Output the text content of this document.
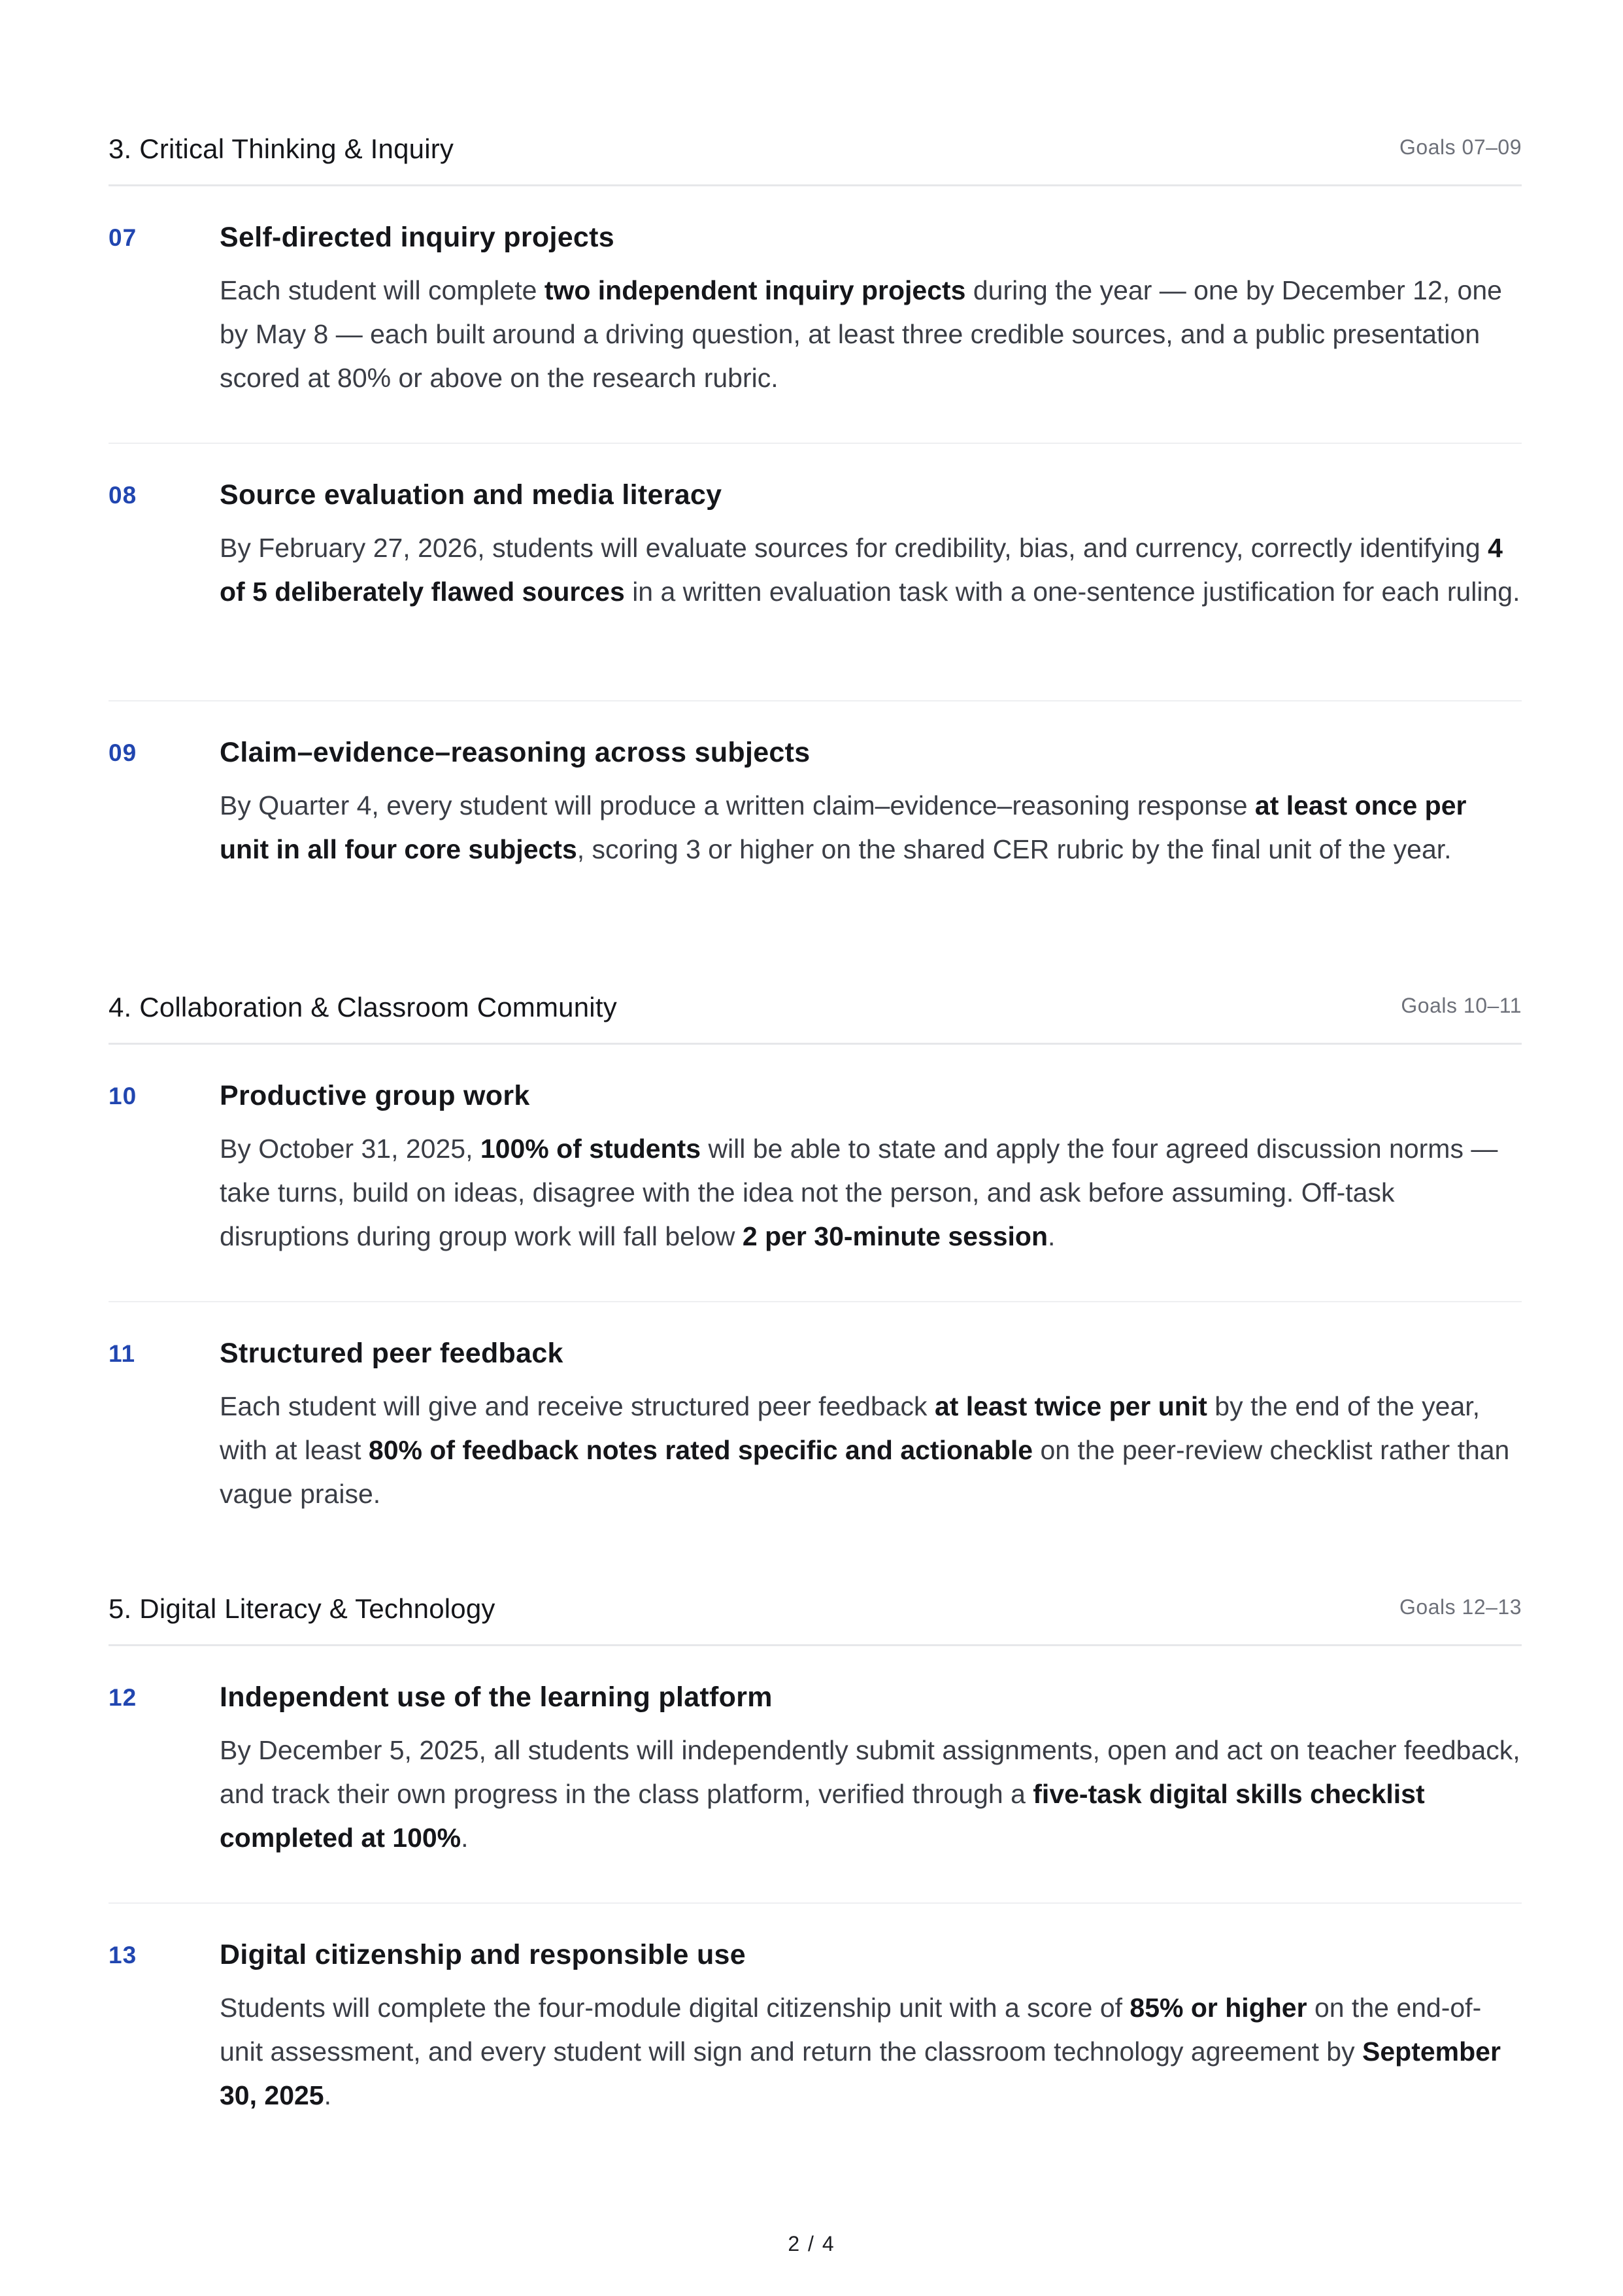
3. Critical Thinking & Inquiry	Goals 07–09
07	Self-directed inquiry projects
Each student will complete two independent inquiry projects during the year — one by December 12, one by May 8 — each built around a driving question, at least three credible sources, and a public presentation scored at 80% or above on the research rubric.
08	Source evaluation and media literacy
By February 27, 2026, students will evaluate sources for credibility, bias, and currency, correctly identifying 4 of 5 deliberately flawed sources in a written evaluation task with a one-sentence justification for each ruling.
09	Claim–evidence–reasoning across subjects
By Quarter 4, every student will produce a written claim–evidence–reasoning response at least once per unit in all four core subjects, scoring 3 or higher on the shared CER rubric by the final unit of the year.
4. Collaboration & Classroom Community	Goals 10–11
10	Productive group work
By October 31, 2025, 100% of students will be able to state and apply the four agreed discussion norms — take turns, build on ideas, disagree with the idea not the person, and ask before assuming. Off-task disruptions during group work will fall below 2 per 30-minute session.
11	Structured peer feedback
Each student will give and receive structured peer feedback at least twice per unit by the end of the year, with at least 80% of feedback notes rated specific and actionable on the peer-review checklist rather than vague praise.
5. Digital Literacy & Technology	Goals 12–13
12	Independent use of the learning platform
By December 5, 2025, all students will independently submit assignments, open and act on teacher feedback, and track their own progress in the class platform, verified through a five-task digital skills checklist completed at 100%.
13	Digital citizenship and responsible use
Students will complete the four-module digital citizenship unit with a score of 85% or higher on the end-of-unit assessment, and every student will sign and return the classroom technology agreement by September 30, 2025.
2 / 4
